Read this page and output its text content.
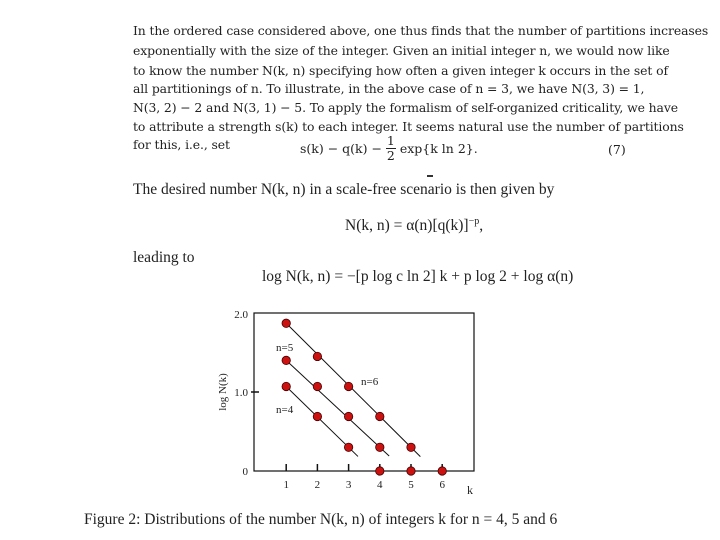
In the ordered case considered above, one thus finds that the number of partitions increases
exponentially with the size of the integer. Given an initial integer n, we would now like
to know the number N(k, n) specifying how often a given integer k occurs in the set of
all partitionings of n. To illustrate, in the above case of n = 3, we have N(3, 3) = 1,
N(3, 2) − 2 and N(3, 1) − 5. To apply the formalism of self-organized criticality, we have
to attribute a strength s(k) to each integer. It seems natural use the number of partitions
for this, i.e., set	$s(k) - q(k) - \frac{1}{2} \exp\{k$ ln 2}.	(7)
The desired number N(k, n) in a scale-free scenario is then given by
N(k, $n) = \alpha(n)[q(k)]^{-p}$,
leading to
log N(k, n) = −[p log c ln 2] k + p log 2 + log α(n)
2.0
1.0
0
log N(k)
k
1 2 3 4 5 6
n=5
n=6
n=4
Figure 2: Distributions of the number N(k, n) of integers k for n = 4, 5 and 6
